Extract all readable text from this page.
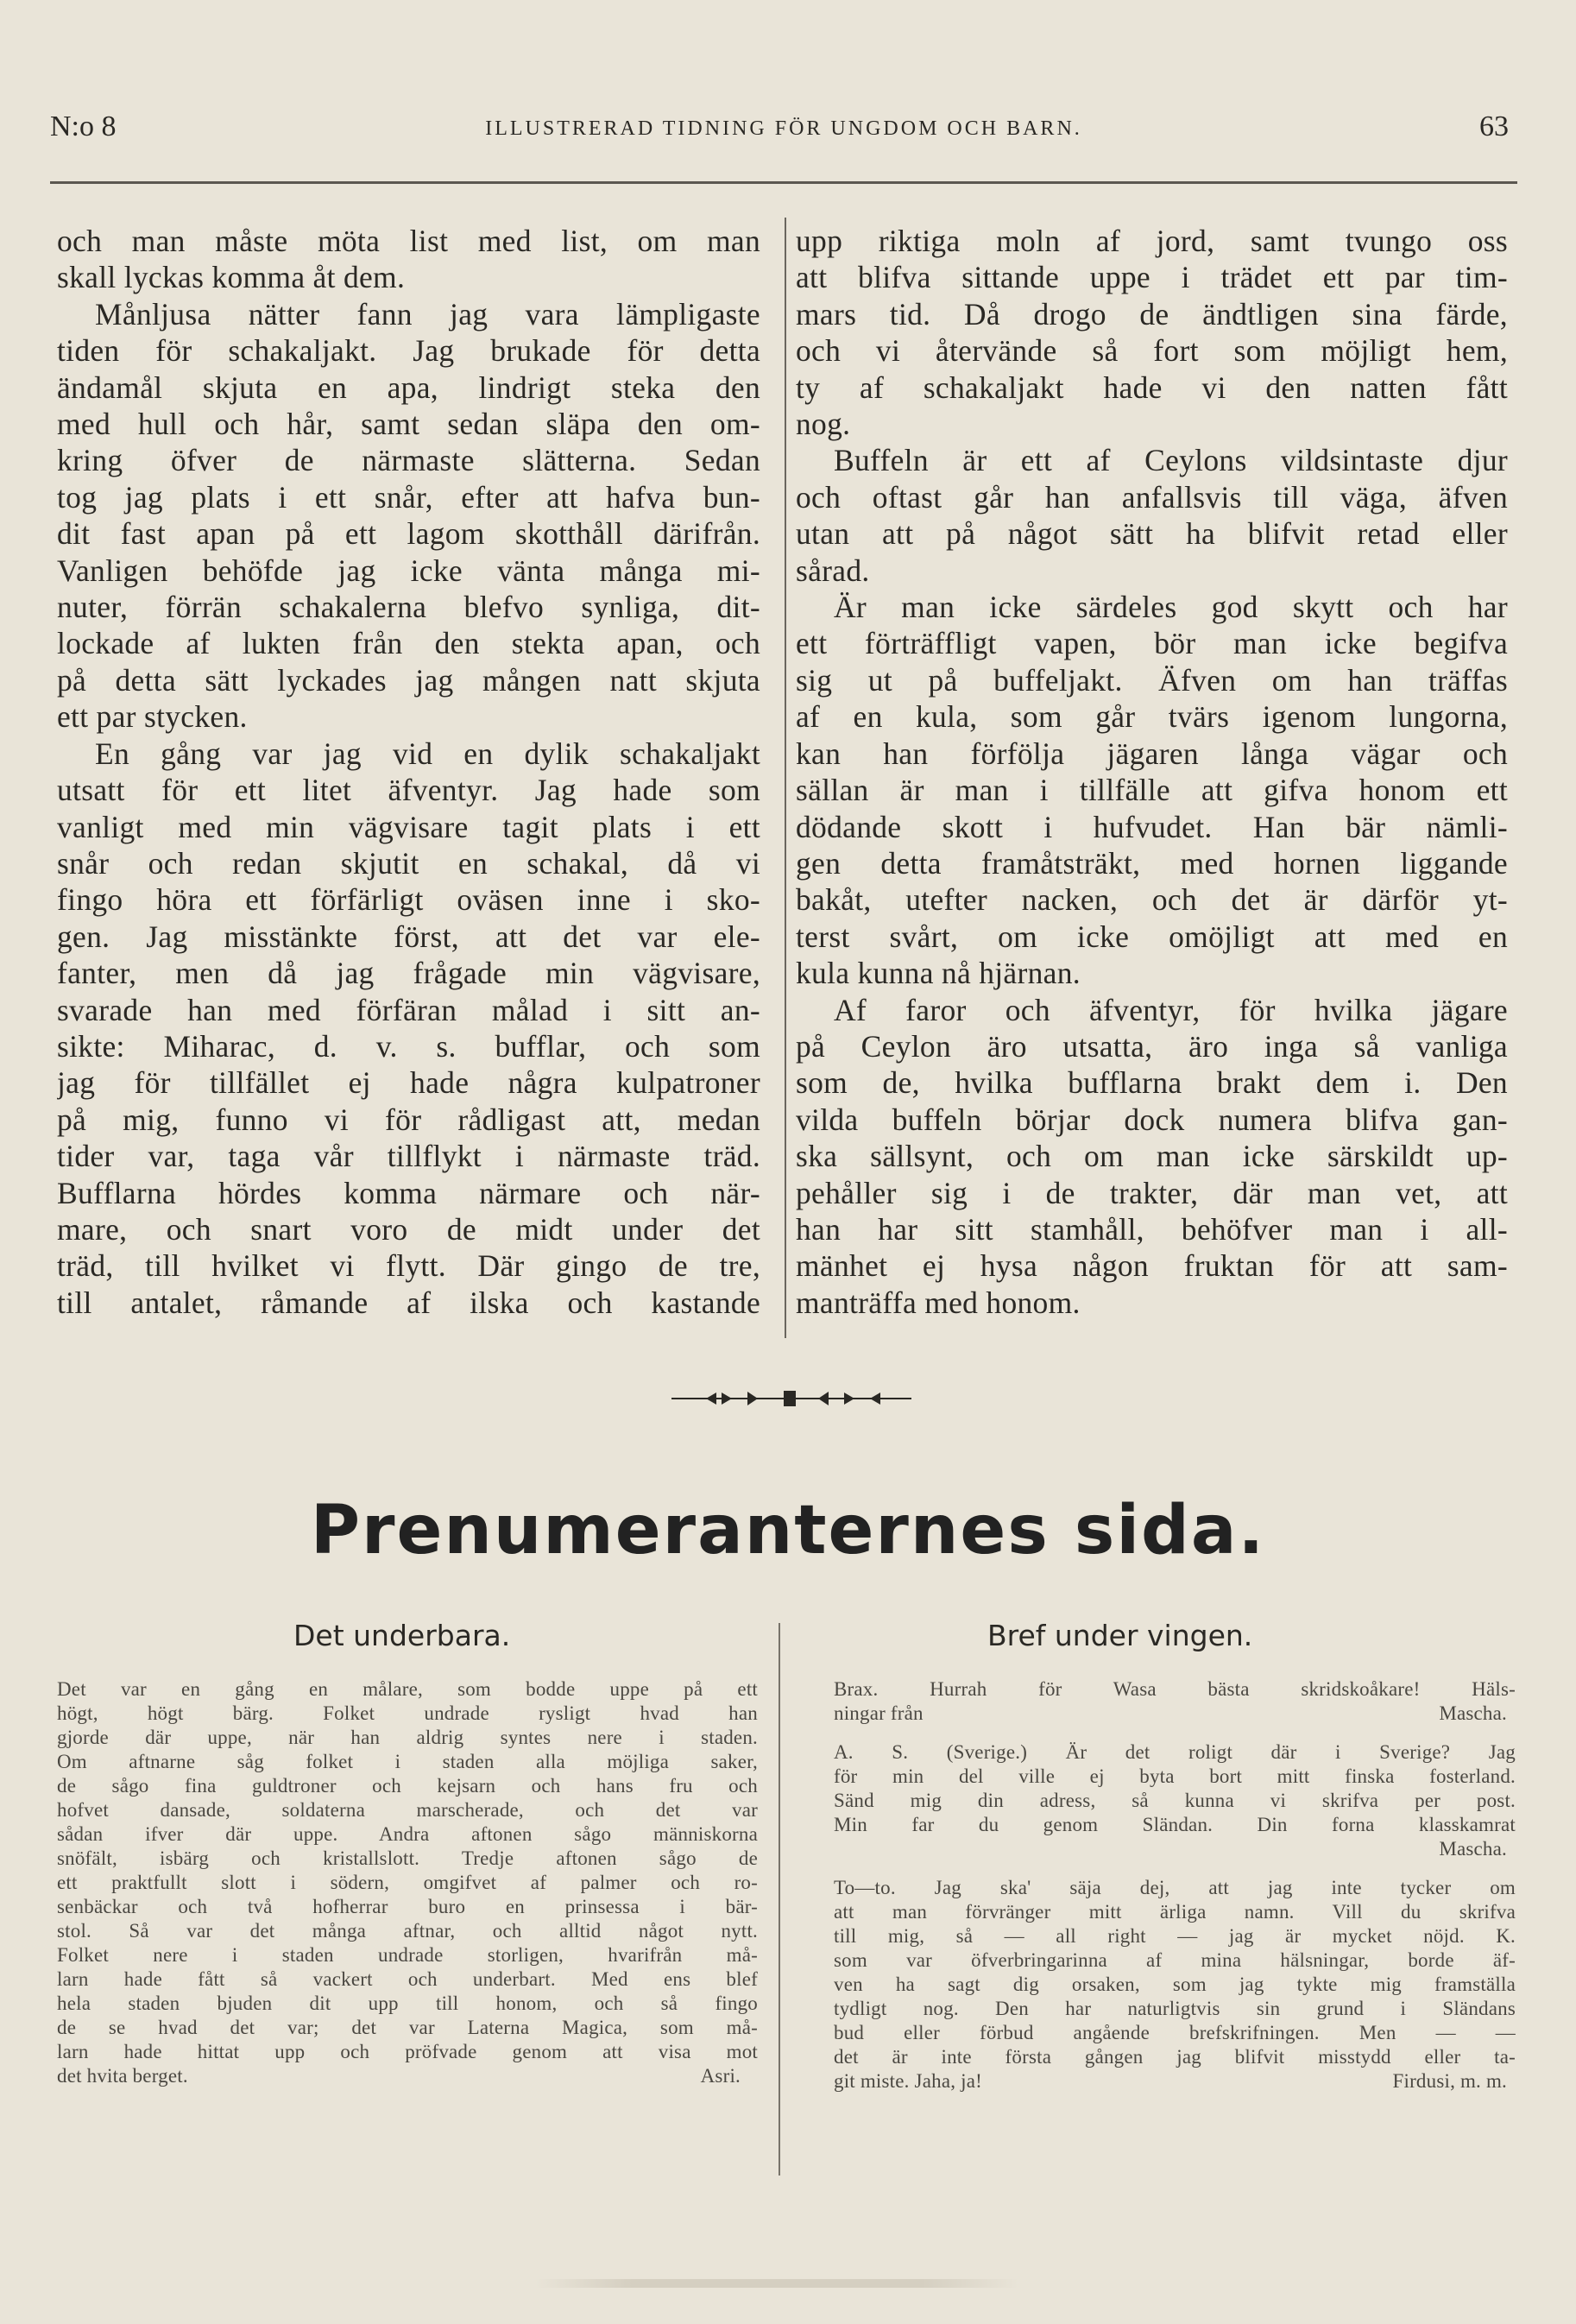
N:o 8	ILLUSTRERAD TIDNING FÖR UNGDOM OCH BARN.	63
och man måste möta list med list, om man
skall lyckas komma åt dem.
Månljusa nätter fann jag vara lämpligaste
tiden för schakaljakt. Jag brukade för detta
ändamål skjuta en apa, lindrigt steka den
med hull och hår, samt sedan släpa den om-
kring öfver de närmaste slätterna. Sedan
tog jag plats i ett snår, efter att hafva bun-
dit fast apan på ett lagom skotthåll därifrån.
Vanligen behöfde jag icke vänta många mi-
nuter, förrän schakalerna blefvo synliga, dit-
lockade af lukten från den stekta apan, och
på detta sätt lyckades jag mången natt skjuta
ett par stycken.
En gång var jag vid en dylik schakaljakt
utsatt för ett litet äfventyr. Jag hade som
vanligt med min vägvisare tagit plats i ett
snår och redan skjutit en schakal, då vi
fingo höra ett förfärligt oväsen inne i sko-
gen. Jag misstänkte först, att det var ele-
fanter, men då jag frågade min vägvisare,
svarade han med förfäran målad i sitt an-
sikte: Miharac, d. v. s. bufflar, och som
jag för tillfället ej hade några kulpatroner
på mig, funno vi för rådligast att, medan
tider var, taga vår tillflykt i närmaste träd.
Bufflarna hördes komma närmare och när-
mare, och snart voro de midt under det
träd, till hvilket vi flytt. Där gingo de tre,
till antalet, råmande af ilska och kastande
upp riktiga moln af jord, samt tvungo oss
att blifva sittande uppe i trädet ett par tim-
mars tid. Då drogo de ändtligen sina färde,
och vi återvände så fort som möjligt hem,
ty af schakaljakt hade vi den natten fått
nog.
Buffeln är ett af Ceylons vildsintaste djur
och oftast går han anfallsvis till väga, äfven
utan att på något sätt ha blifvit retad eller
sårad.
Är man icke särdeles god skytt och har
ett förträffligt vapen, bör man icke begifva
sig ut på buffeljakt. Äfven om han träffas
af en kula, som går tvärs igenom lungorna,
kan han förfölja jägaren långa vägar och
sällan är man i tillfälle att gifva honom ett
dödande skott i hufvudet. Han bär nämli-
gen detta framåtsträkt, med hornen liggande
bakåt, utefter nacken, och det är därför yt-
terst svårt, om icke omöjligt att med en
kula kunna nå hjärnan.
Af faror och äfventyr, för hvilka jägare
på Ceylon äro utsatta, äro inga så vanliga
som de, hvilka bufflarna brakt dem i. Den
vilda buffeln börjar dock numera blifva gan-
ska sällsynt, och om man icke särskildt up-
pehåller sig i de trakter, där man vet, att
han har sitt stamhåll, behöfver man i all-
mänhet ej hysa någon fruktan för att sam-
manträffa med honom.
Prenumeranternes sida.
Det underbara.	Bref under vingen.
Det var en gång en målare, som bodde uppe på ett
högt, högt bärg. Folket undrade rysligt hvad han
gjorde där uppe, när han aldrig syntes nere i staden.
Om aftnarne såg folket i staden alla möjliga saker,
de sågo fina guldtroner och kejsarn och hans fru och
hofvet dansade, soldaterna marscherade, och det var
sådan ifver där uppe. Andra aftonen sågo människorna
snöfält, isbärg och kristallslott. Tredje aftonen sågo de
ett praktfullt slott i södern, omgifvet af palmer och ro-
senbäckar och två hofherrar buro en prinsessa i bär-
stol. Så var det många aftnar, och alltid något nytt.
Folket nere i staden undrade storligen, hvarifrån må-
larn hade fått så vackert och underbart. Med ens blef
hela staden bjuden dit upp till honom, och så fingo
de se hvad det var; det var Laterna Magica, som må-
larn hade hittat upp och pröfvade genom att visa mot
det hvita berget.	Asri.
Brax. Hurrah för Wasa bästa skridskoåkare! Häls-
ningar från	Mascha.
A. S. (Sverige.) Är det roligt där i Sverige? Jag
för min del ville ej byta bort mitt finska fosterland.
Sänd mig din adress, så kunna vi skrifva per post.
Min far du genom Sländan. Din forna klasskamrat
Mascha.
To—to. Jag ska' säja dej, att jag inte tycker om
att man förvränger mitt ärliga namn. Vill du skrifva
till mig, så — all right — jag är mycket nöjd. K.
som var öfverbringarinna af mina hälsningar, borde äf-
ven ha sagt dig orsaken, som jag tykte mig framställa
tydligt nog. Den har naturligtvis sin grund i Sländans
bud eller förbud angående brefskrifningen. Men — —
det är inte första gången jag blifvit misstydd eller ta-
git miste. Jaha, ja!	Firdusi, m. m.
